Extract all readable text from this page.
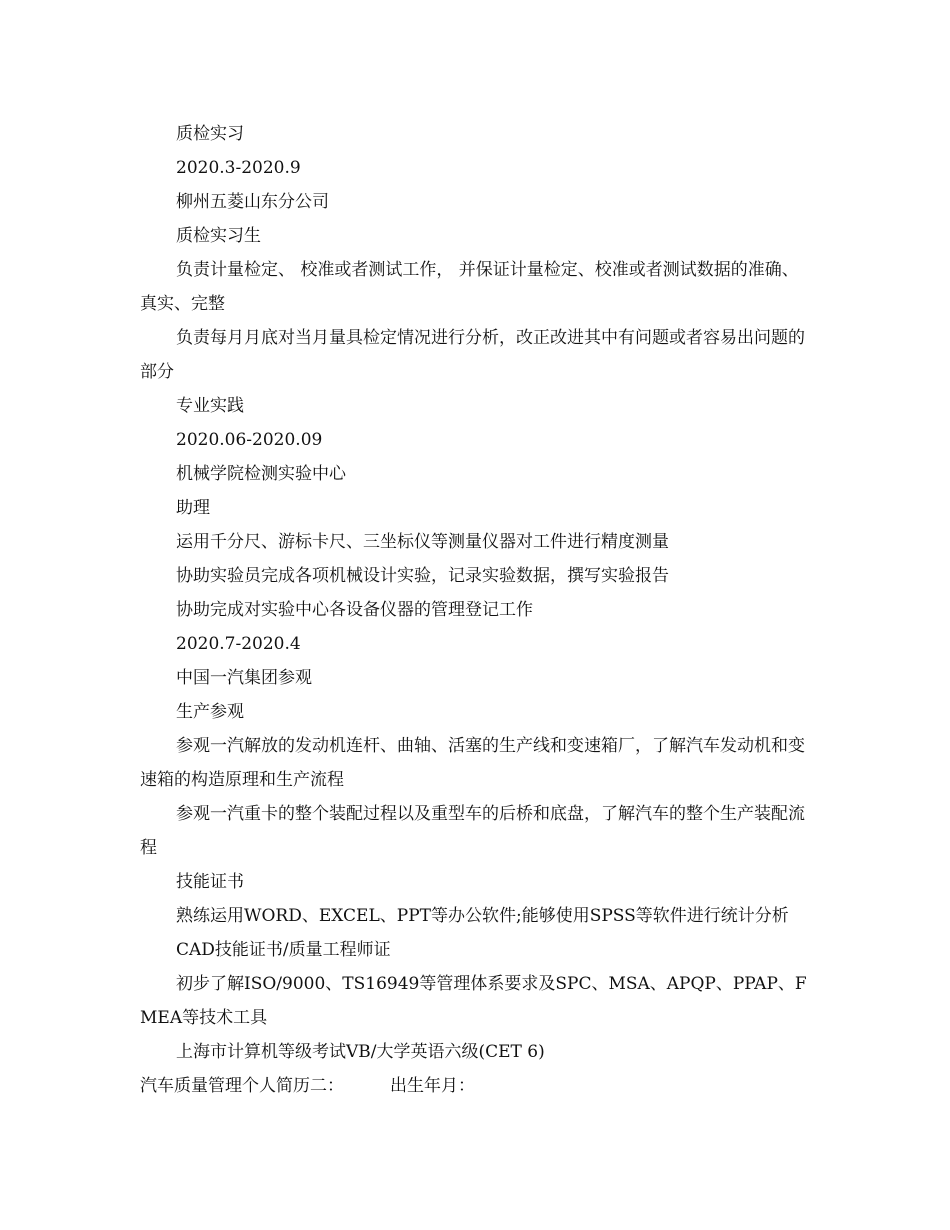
质检实习

2020.3-2020.9

柳州五菱山东分公司

质检实习生

负责计量检定、 校准或者测试工作， 并保证计量检定、校准或者测试数据的准确、真实、完整

负责每月月底对当月量具检定情况进行分析，改正改进其中有问题或者容易出问题的部分

专业实践

2020.06-2020.09

机械学院检测实验中心

助理

运用千分尺、游标卡尺、三坐标仪等测量仪器对工件进行精度测量

协助实验员完成各项机械设计实验，记录实验数据，撰写实验报告

协助完成对实验中心各设备仪器的管理登记工作

2020.7-2020.4

中国一汽集团参观

生产参观

参观一汽解放的发动机连杆、曲轴、活塞的生产线和变速箱厂，了解汽车发动机和变速箱的构造原理和生产流程

参观一汽重卡的整个装配过程以及重型车的后桥和底盘，了解汽车的整个生产装配流程

技能证书

熟练运用WORD、EXCEL、PPT等办公软件;能够使用SPSS等软件进行统计分析

CAD技能证书/质量工程师证

初步了解ISO/9000、TS16949等管理体系要求及SPC、MSA、APQP、PPAP、FMEA等技术工具

上海市计算机等级考试VB/大学英语六级(CET 6)

汽车质量管理个人简历二：	出生年月：
